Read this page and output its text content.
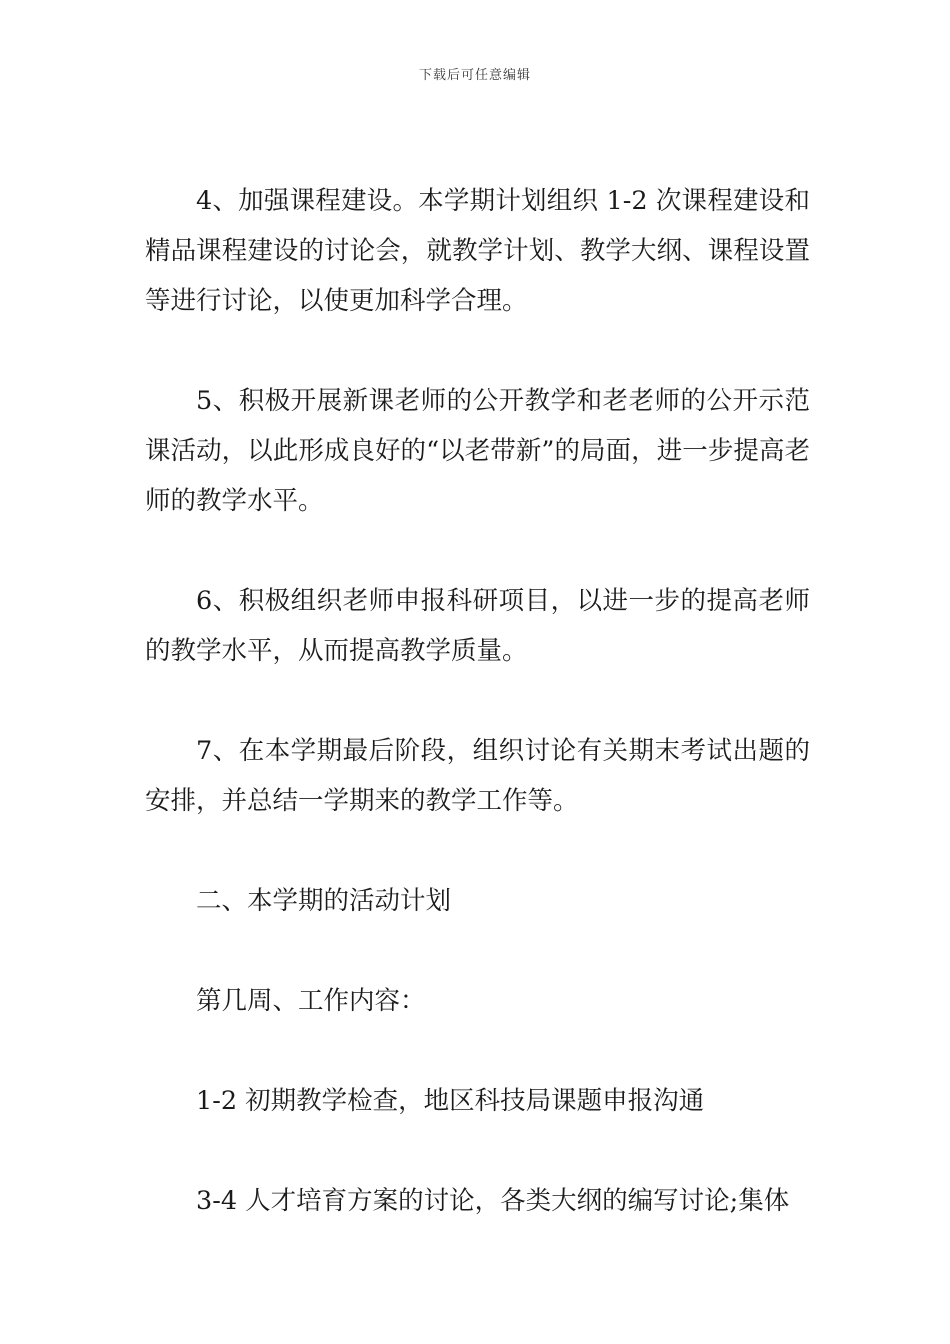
下载后可任意编辑

4、加强课程建设。本学期计划组织 1-2 次课程建设和精品课程建设的讨论会，就教学计划、教学大纲、课程设置等进行讨论，以使更加科学合理。

5、积极开展新课老师的公开教学和老老师的公开示范课活动，以此形成良好的“以老带新”的局面，进一步提高老师的教学水平。

6、积极组织老师申报科研项目，以进一步的提高老师的教学水平，从而提高教学质量。

7、在本学期最后阶段，组织讨论有关期末考试出题的安排，并总结一学期来的教学工作等。

二、本学期的活动计划

第几周、工作内容：

1-2 初期教学检查，地区科技局课题申报沟通

3-4 人才培育方案的讨论，各类大纲的编写讨论;集体
